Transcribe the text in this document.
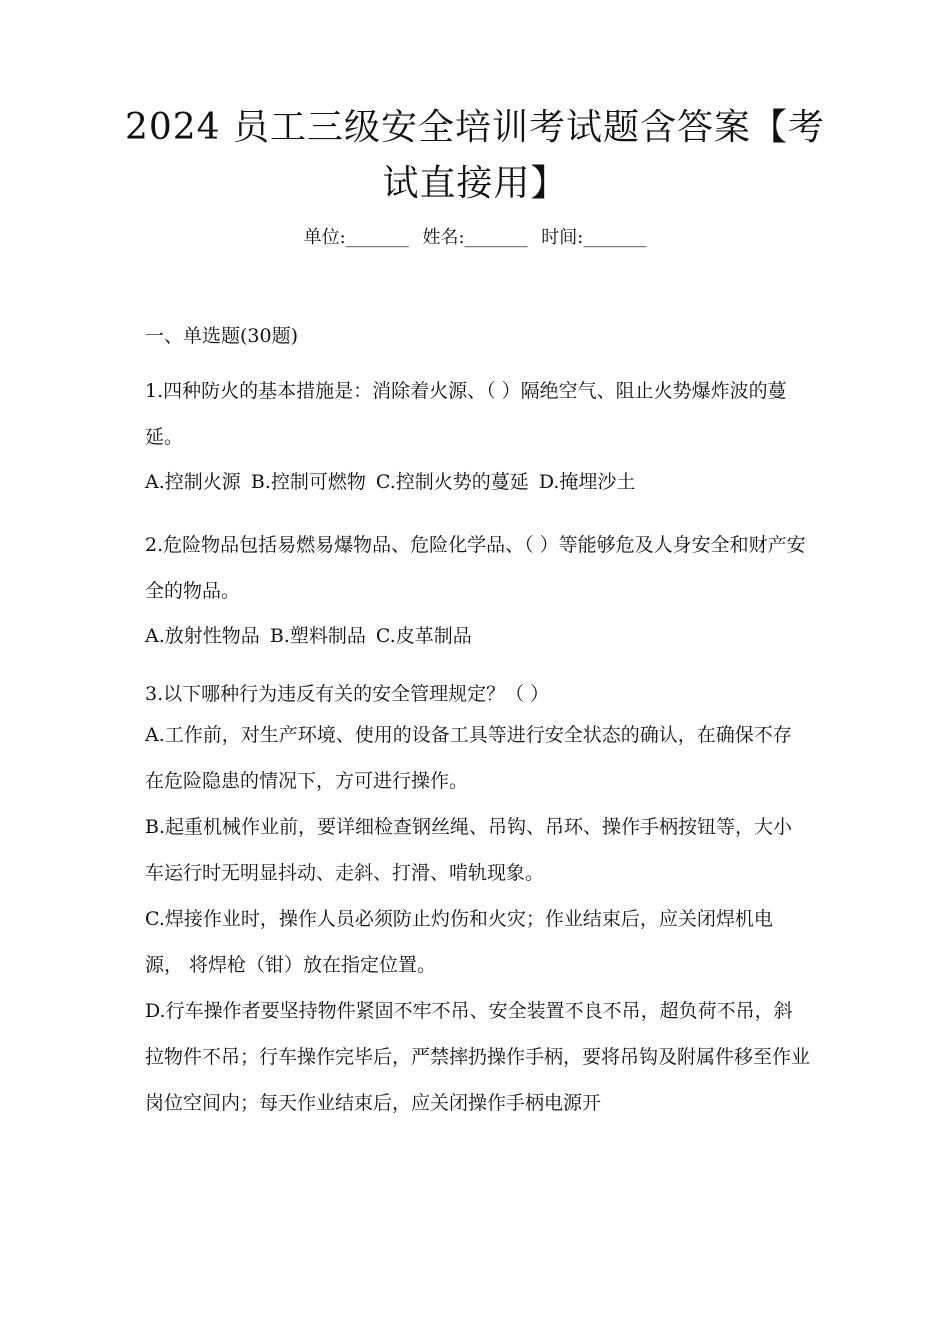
2024 员工三级安全培训考试题含答案【考试直接用】
单位:_______ 姓名:_______ 时间:_______
一、单选题(30题)
1.四种防火的基本措施是：消除着火源、（ ）隔绝空气、阻止火势爆炸波的蔓延。
A.控制火源 B.控制可燃物 C.控制火势的蔓延 D.掩埋沙土
2.危险物品包括易燃易爆物品、危险化学品、（ ）等能够危及人身安全和财产安全的物品。
A.放射性物品 B.塑料制品 C.皮革制品
3.以下哪种行为违反有关的安全管理规定？（ ）
A.工作前，对生产环境、使用的设备工具等进行安全状态的确认，在确保不存在危险隐患的情况下，方可进行操作。
B.起重机械作业前，要详细检查钢丝绳、吊钩、吊环、操作手柄按钮等，大小车运行时无明显抖动、走斜、打滑、啃轨现象。
C.焊接作业时，操作人员必须防止灼伤和火灾；作业结束后，应关闭焊机电源， 将焊枪（钳）放在指定位置。
D.行车操作者要坚持物件紧固不牢不吊、安全装置不良不吊，超负荷不吊，斜拉物件不吊；行车操作完毕后，严禁摔扔操作手柄，要将吊钩及附属件移至作业岗位空间内；每天作业结束后，应关闭操作手柄电源开
